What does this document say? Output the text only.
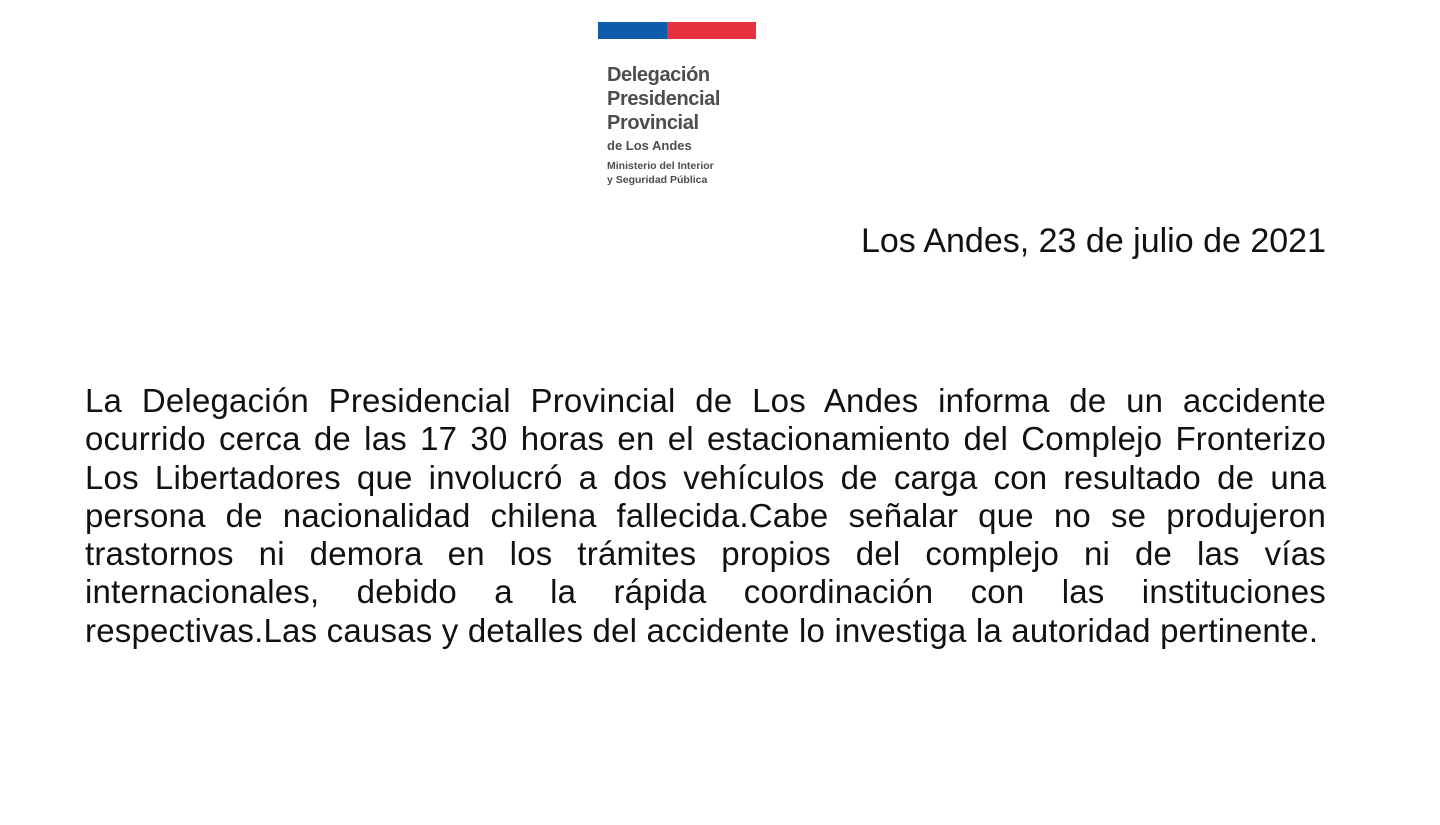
Delegación
Presidencial
Provincial
de Los Andes
Ministerio del Interior
y Seguridad Pública
Los Andes, 23 de julio de 2021

La Delegación Presidencial Provincial de Los Andes informa de un accidente ocurrido cerca de las 17 30 horas en el estacionamiento del Complejo Fronterizo Los Libertadores que involucró a dos vehículos de carga con resultado de una persona de nacionalidad chilena fallecida.Cabe señalar que no se produjeron trastornos ni demora en los trámites propios del complejo ni de las vías internacionales, debido a la rápida coordinación con las instituciones respectivas.Las causas y detalles del accidente lo investiga la autoridad pertinente.
